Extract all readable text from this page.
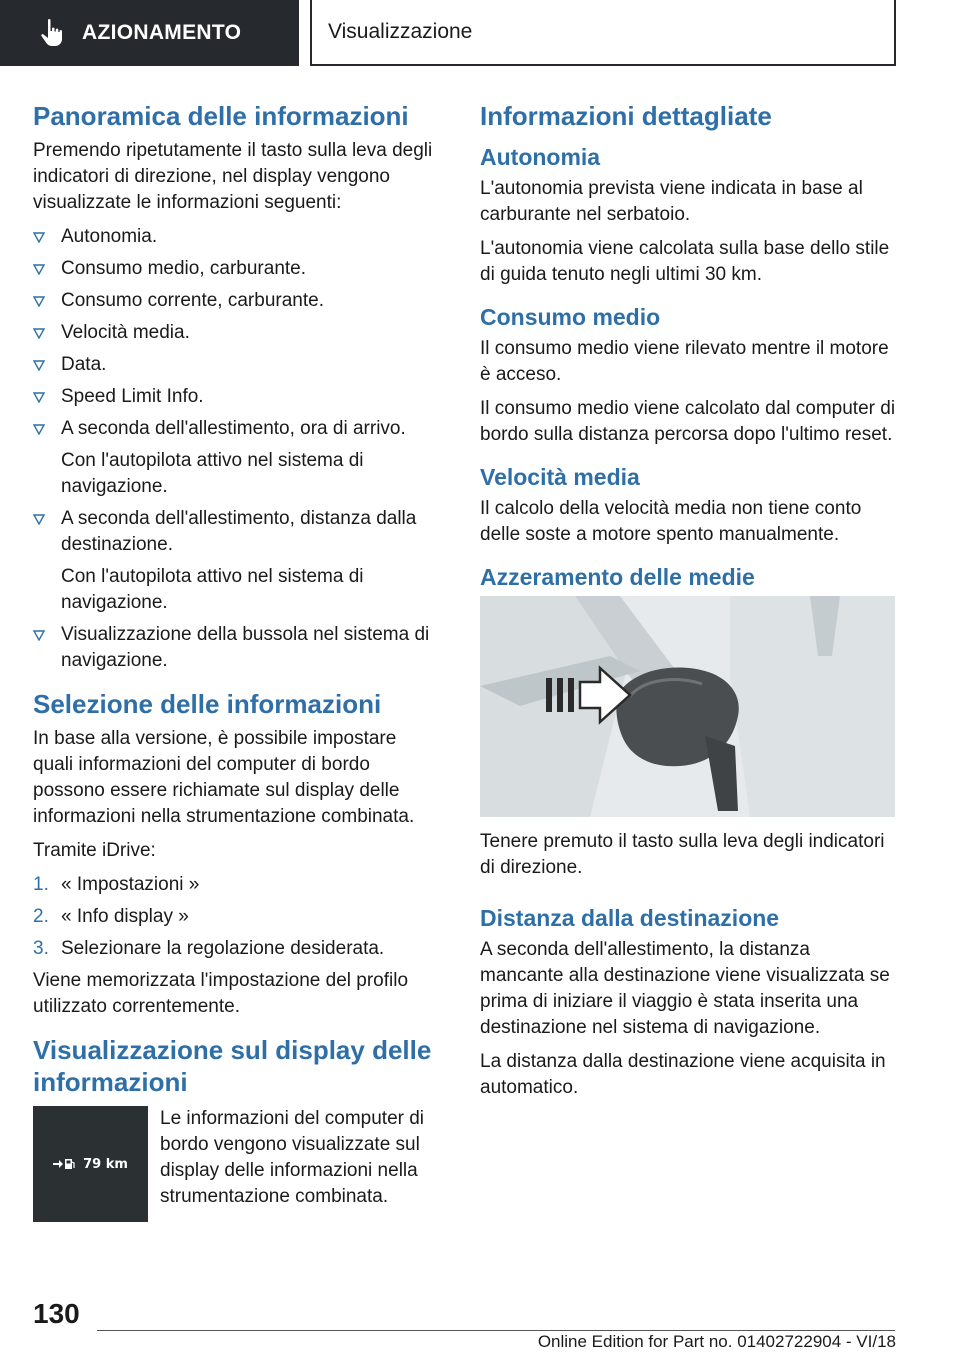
AZIONAMENTO	Visualizzazione
Panoramica delle informazioni

Premendo ripetutamente il tasto sulla leva degli indicatori di direzione, nel display vengono visualizzate le informazioni seguenti:

Autonomia.
Consumo medio, carburante.
Consumo corrente, carburante.
Velocità media.
Data.
Speed Limit Info.
A seconda dell'allestimento, ora di arrivo.
Con l'autopilota attivo nel sistema di navigazione.
A seconda dell'allestimento, distanza dalla destinazione.
Con l'autopilota attivo nel sistema di navigazione.
Visualizzazione della bussola nel sistema di navigazione.
Selezione delle informazioni

In base alla versione, è possibile impostare quali informazioni del computer di bordo possono essere richiamate sul display delle informazioni nella strumentazione combinata.

Tramite iDrive:

1. « Impostazioni »
2. « Info display »
3. Selezionare la regolazione desiderata.

Viene memorizzata l'impostazione del profilo utilizzato correntemente.

Visualizzazione sul display delle informazioni
79 km
Le informazioni del computer di bordo vengono visualizzate sul display delle informazioni nella strumentazione combinata.
Informazioni dettagliate
Autonomia

L'autonomia prevista viene indicata in base al carburante nel serbatoio.

L'autonomia viene calcolata sulla base dello stile di guida tenuto negli ultimi 30 km.

Consumo medio

Il consumo medio viene rilevato mentre il motore è acceso.

Il consumo medio viene calcolato dal computer di bordo sulla distanza percorsa dopo l'ultimo reset.

Velocità media

Il calcolo della velocità media non tiene conto delle soste a motore spento manualmente.

Azzeramento delle medie

Tenere premuto il tasto sulla leva degli indicatori di direzione.

Distanza dalla destinazione

A seconda dell'allestimento, la distanza mancante alla destinazione viene visualizzata se prima di iniziare il viaggio è stata inserita una destinazione nel sistema di navigazione.

La distanza dalla destinazione viene acquisita in automatico.

130
Online Edition for Part no. 01402722904 - VI/18
